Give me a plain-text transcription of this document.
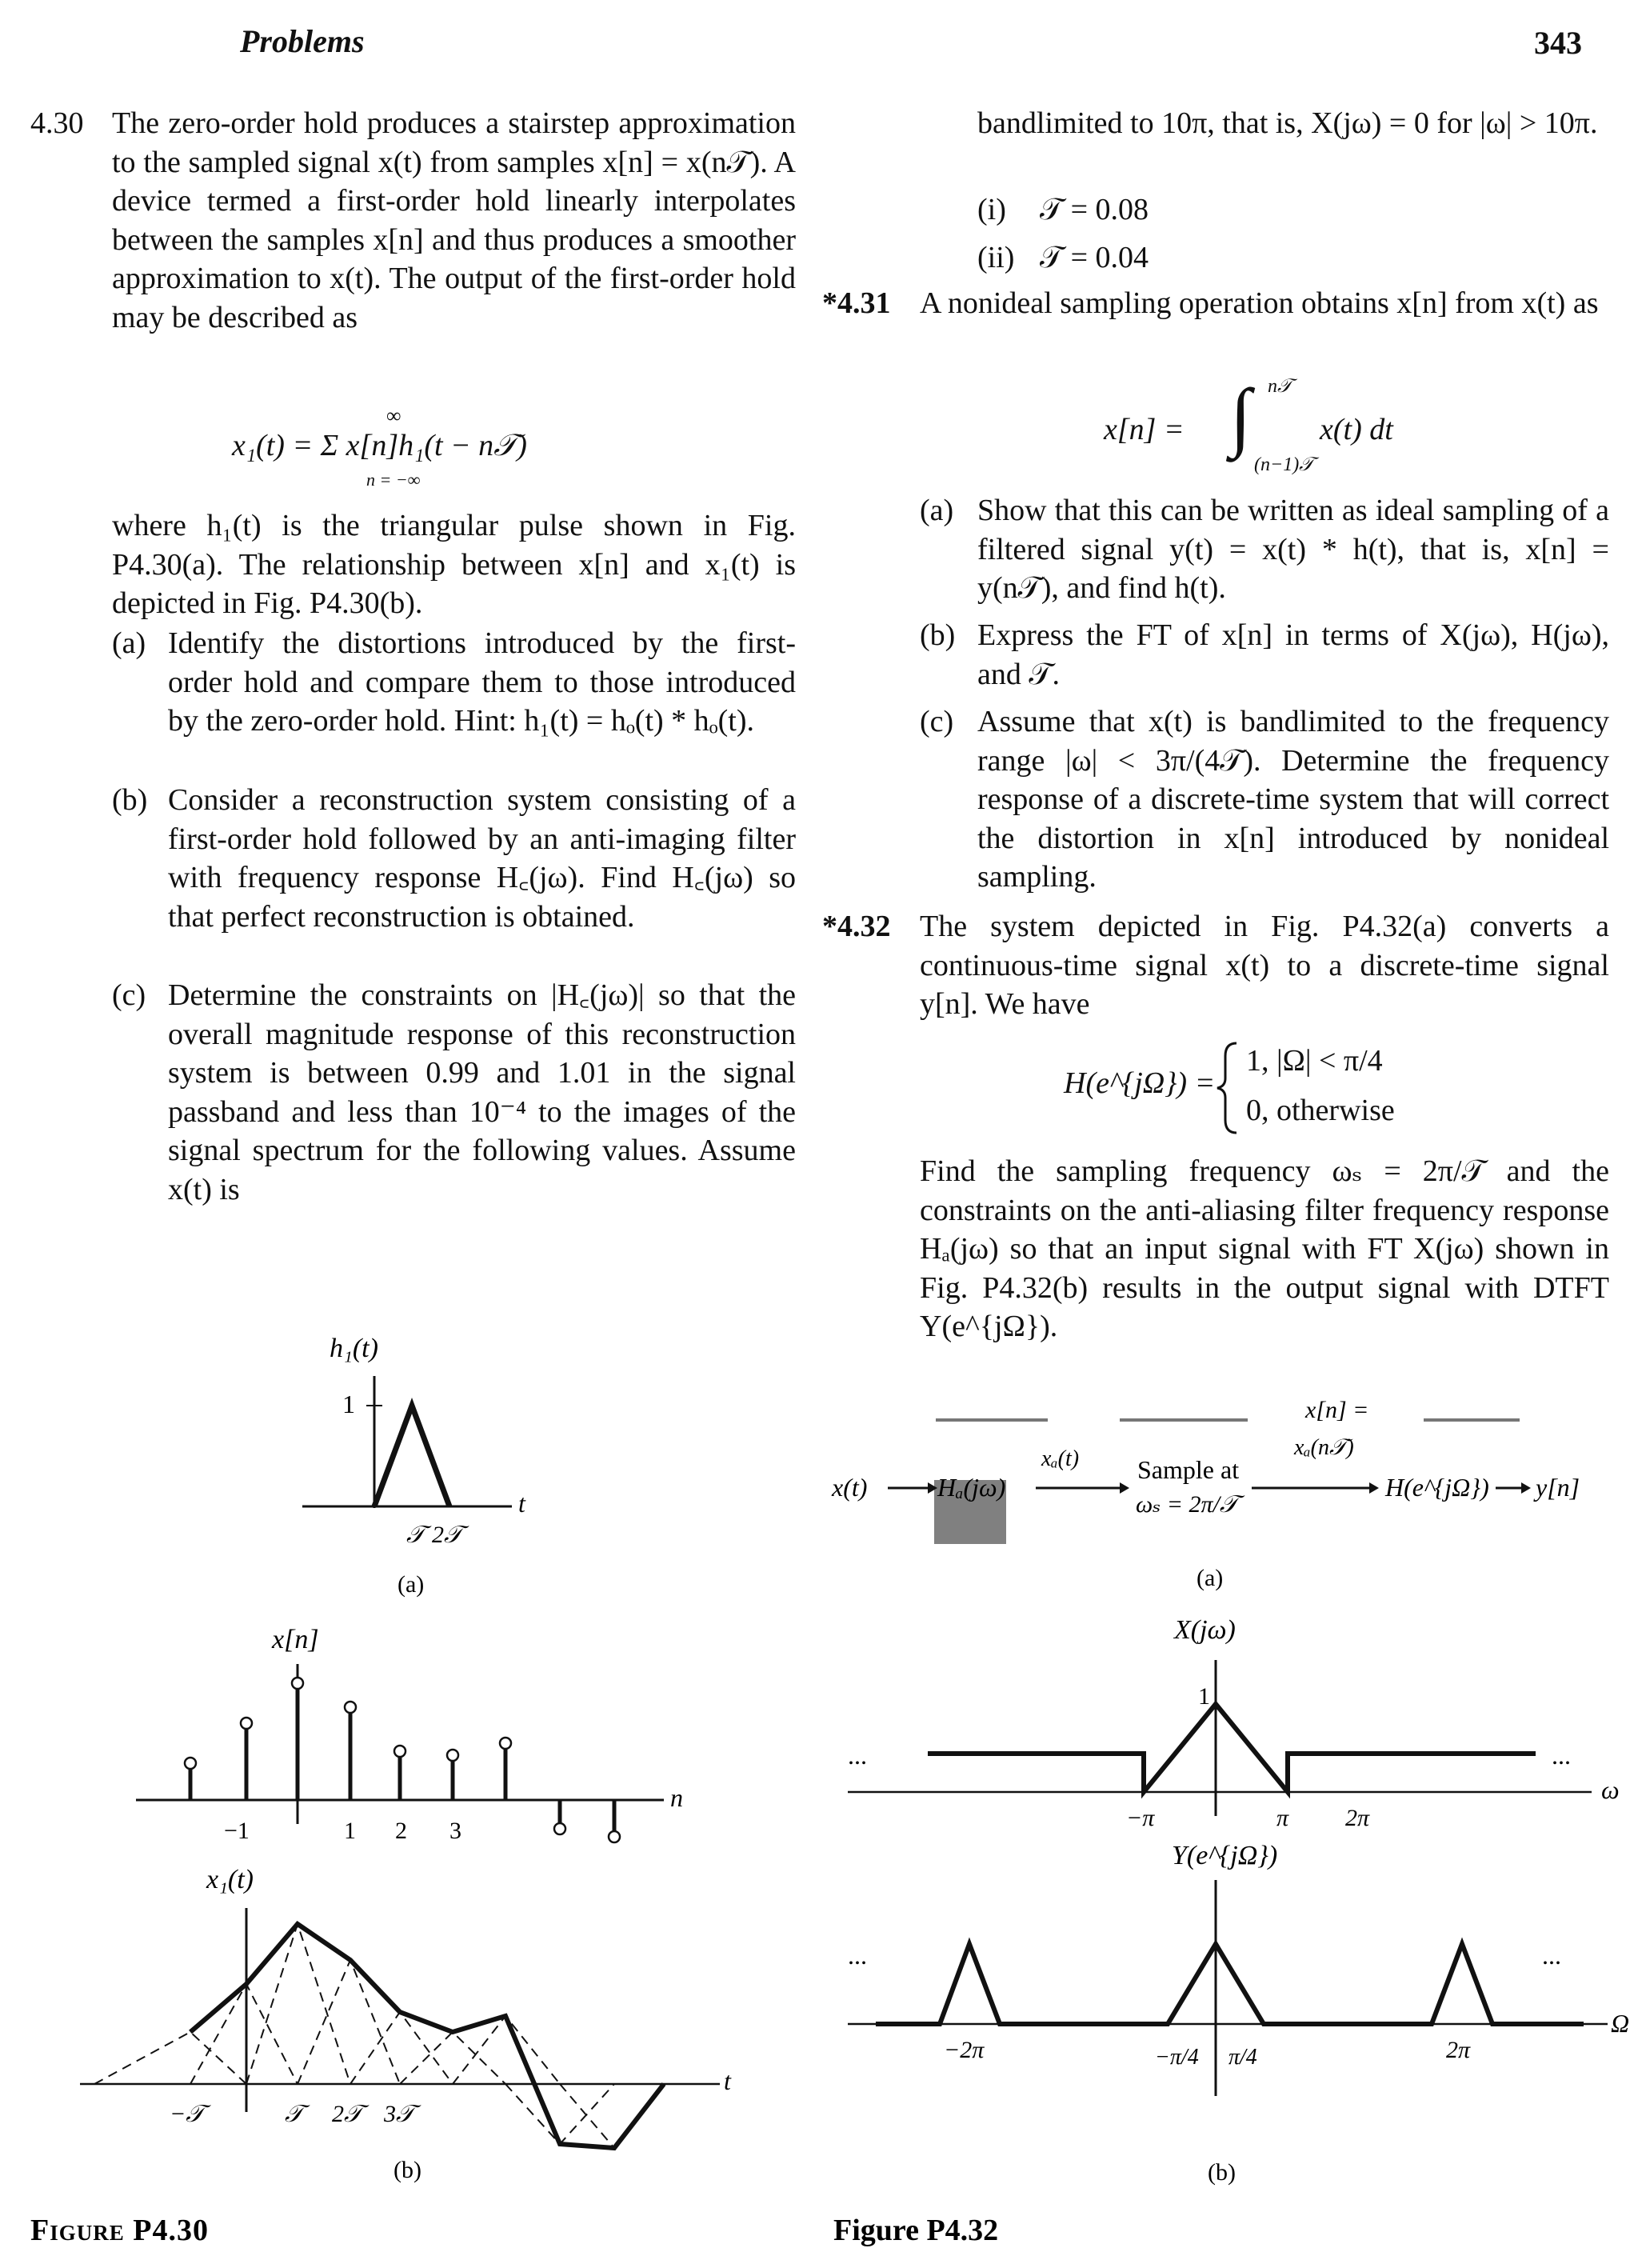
Problems	343
4.30 The zero-order hold produces a stairstep approximation to the sampled signal x(t) from samples x[n] = x(n𝒯). A device termed a first-order hold linearly interpolates between the samples x[n] and thus produces a smoother approximation to x(t). The output of the first-order hold may be described as

x₁(t) = Σ x[n]h₁(t − n𝒯)
∞
n = −∞

where h₁(t) is the triangular pulse shown in Fig. P4.30(a). The relationship between x[n] and x₁(t) is depicted in Fig. P4.30(b).

(a) Identify the distortions introduced by the first-order hold and compare them to those introduced by the zero-order hold. Hint: h₁(t) = hₒ(t) * hₒ(t).

(b) Consider a reconstruction system consisting of a first-order hold followed by an anti-imaging filter with frequency response H꜀(jω). Find H꜀(jω) so that perfect reconstruction is obtained.

(c) Determine the constraints on |H꜀(jω)| so that the overall magnitude response of this reconstruction system is between 0.99 and 1.01 in the signal passband and less than 10⁻⁴ to the images of the signal spectrum for the following values. Assume x(t) is

bandlimited to 10π, that is, X(jω) = 0 for |ω| > 10π.

(i) 𝒯 = 0.08
(ii) 𝒯 = 0.04
*4.31 A nonideal sampling operation obtains x[n] from x(t) as

x[n] = ∫ n𝒯
(n−1)𝒯
x(t) dt
(a) Show that this can be written as ideal sampling of a filtered signal y(t) = x(t) * h(t), that is, x[n] = y(n𝒯), and find h(t).

(b) Express the FT of x[n] in terms of X(jω), H(jω), and 𝒯.

(c) Assume that x(t) is bandlimited to the frequency range |ω| < 3π/(4𝒯). Determine the frequency response of a discrete-time system that will correct the distortion in x[n] introduced by nonideal sampling.

*4.32 The system depicted in Fig. P4.32(a) converts a continuous-time signal x(t) to a discrete-time signal y[n]. We have

H(e^{jΩ}) =
1, |Ω| < π/4
0, otherwise

Find the sampling frequency ωₛ = 2π/𝒯 and the constraints on the anti-aliasing filter frequency response Hₐ(jω) so that an input signal with FT X(jω) shown in Fig. P4.32(b) results in the output signal with DTFT Y(e^{jΩ}).

h₁(t)
1
t
𝒯 2𝒯
(a)
x[n]
n
−1	1 2 3
x₁(t)
t
−𝒯	𝒯	2𝒯 3𝒯
(b)
Figure P4.30
x(t)	Hₐ(jω)
xₐ(t) Sample at
ωₛ = 2π/𝒯
x[n] =
xₐ(n𝒯)
H(e^{jΩ}) y[n]
(a)
X(jω)
1
...	...
ω
−π	π 2π
Y(e^{jΩ})
...	...
Ω
−2π	−π/4 π/4	2π
(b)
Figure P4.32
